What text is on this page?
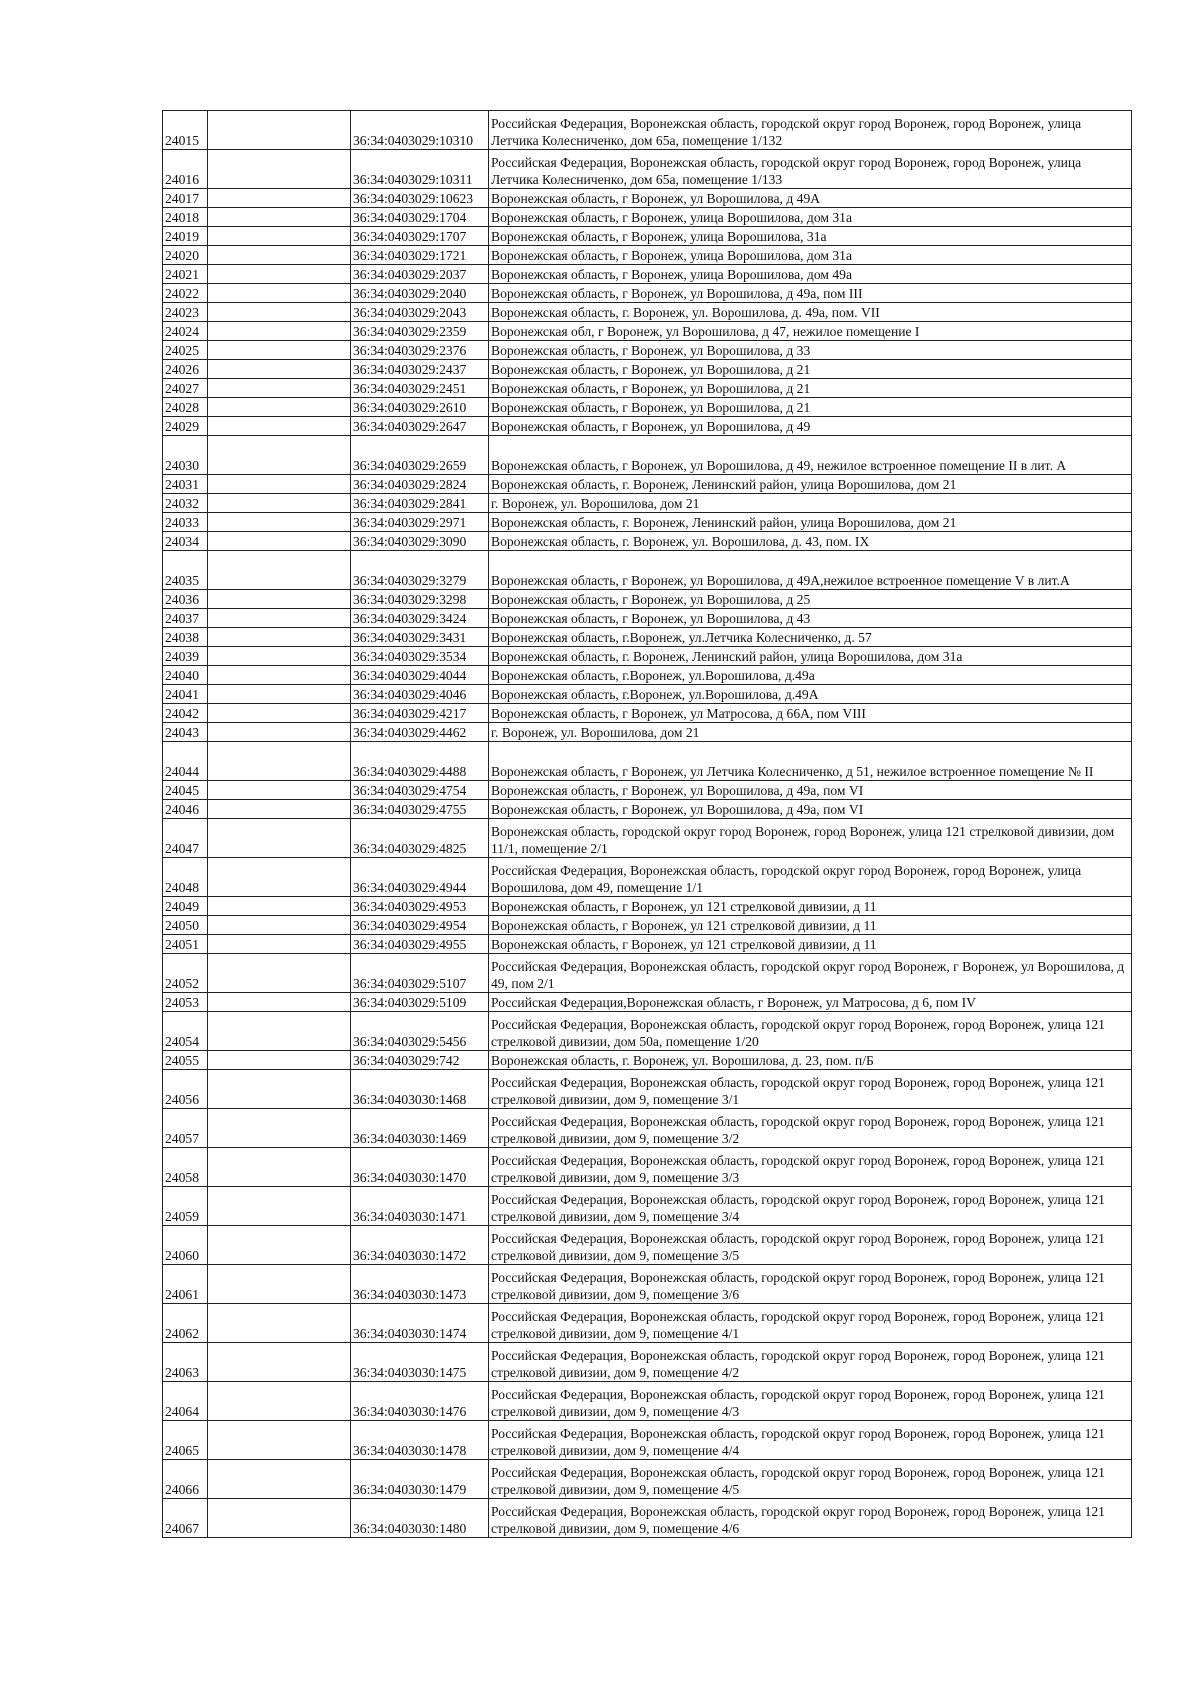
24015		36:34:0403029:10310	Российская Федерация, Воронежская область, городской округ город Воронеж, город Воронеж, улица Летчика Колесниченко, дом 65а, помещение 1/132
24016		36:34:0403029:10311	Российская Федерация, Воронежская область, городской округ город Воронеж, город Воронеж, улица Летчика Колесниченко, дом 65а, помещение 1/133
24017		36:34:0403029:10623	Воронежская область, г Воронеж, ул Ворошилова, д 49А
24018		36:34:0403029:1704	Воронежская область, г Воронеж, улица Ворошилова, дом 31а
24019		36:34:0403029:1707	Воронежская область, г Воронеж, улица Ворошилова, 31а
24020		36:34:0403029:1721	Воронежская область, г Воронеж, улица Ворошилова, дом 31а
24021		36:34:0403029:2037	Воронежская область, г Воронеж, улица Ворошилова, дом 49а
24022		36:34:0403029:2040	Воронежская область, г Воронеж, ул Ворошилова, д 49а, пом III
24023		36:34:0403029:2043	Воронежская область, г. Воронеж, ул. Ворошилова, д. 49а, пом. VII
24024		36:34:0403029:2359	Воронежская обл, г Воронеж, ул Ворошилова, д 47, нежилое помещение I
24025		36:34:0403029:2376	Воронежская область, г Воронеж, ул Ворошилова, д 33
24026		36:34:0403029:2437	Воронежская область, г Воронеж, ул Ворошилова, д 21
24027		36:34:0403029:2451	Воронежская область, г Воронеж, ул Ворошилова, д 21
24028		36:34:0403029:2610	Воронежская область, г Воронеж, ул Ворошилова, д 21
24029		36:34:0403029:2647	Воронежская область, г Воронеж, ул Ворошилова, д 49
24030		36:34:0403029:2659	Воронежская область, г Воронеж, ул Ворошилова, д 49, нежилое встроенное помещение II в лит. А
24031		36:34:0403029:2824	Воронежская область, г. Воронеж, Ленинский район, улица Ворошилова, дом 21
24032		36:34:0403029:2841	г. Воронеж, ул. Ворошилова, дом 21
24033		36:34:0403029:2971	Воронежская область, г. Воронеж, Ленинский район, улица Ворошилова, дом 21
24034		36:34:0403029:3090	Воронежская область, г. Воронеж, ул. Ворошилова, д. 43, пом. IX
24035		36:34:0403029:3279	Воронежская область, г Воронеж, ул Ворошилова, д 49А,нежилое встроенное помещение V в лит.А
24036		36:34:0403029:3298	Воронежская область, г Воронеж, ул Ворошилова, д 25
24037		36:34:0403029:3424	Воронежская область, г Воронеж, ул Ворошилова, д 43
24038		36:34:0403029:3431	Воронежская область, г.Воронеж, ул.Летчика Колесниченко, д. 57
24039		36:34:0403029:3534	Воронежская область, г. Воронеж, Ленинский район, улица Ворошилова, дом 31а
24040		36:34:0403029:4044	Воронежская область, г.Воронеж, ул.Ворошилова, д.49а
24041		36:34:0403029:4046	Воронежская область, г.Воронеж, ул.Ворошилова, д.49А
24042		36:34:0403029:4217	Воронежская область, г Воронеж, ул Матросова, д 66А, пом VIII
24043		36:34:0403029:4462	г. Воронеж, ул. Ворошилова, дом 21
24044		36:34:0403029:4488	Воронежская область, г Воронеж, ул Летчика Колесниченко, д 51, нежилое встроенное помещение № II
24045		36:34:0403029:4754	Воронежская область, г Воронеж, ул Ворошилова, д 49а, пом VI
24046		36:34:0403029:4755	Воронежская область, г Воронеж, ул Ворошилова, д 49а, пом VI
24047		36:34:0403029:4825	Воронежская область, городской округ город Воронеж, город Воронеж, улица 121 стрелковой дивизии, дом 11/1, помещение 2/1
24048		36:34:0403029:4944	Российская Федерация, Воронежская область, городской округ город Воронеж, город Воронеж, улица Ворошилова, дом 49, помещение 1/1
24049		36:34:0403029:4953	Воронежская область, г Воронеж, ул 121 стрелковой дивизии, д 11
24050		36:34:0403029:4954	Воронежская область, г Воронеж, ул 121 стрелковой дивизии, д 11
24051		36:34:0403029:4955	Воронежская область, г Воронеж, ул 121 стрелковой дивизии, д 11
24052		36:34:0403029:5107	Российская Федерация, Воронежская область, городской округ город Воронеж, г Воронеж, ул Ворошилова, д 49, пом 2/1
24053		36:34:0403029:5109	Российская Федерация,Воронежская область, г Воронеж, ул Матросова, д 6, пом IV
24054		36:34:0403029:5456	Российская Федерация, Воронежская область, городской округ город Воронеж, город Воронеж, улица 121 стрелковой дивизии, дом 50а, помещение 1/20
24055		36:34:0403029:742	Воронежская область, г. Воронеж, ул. Ворошилова, д. 23, пом. п/Б
24056		36:34:0403030:1468	Российская Федерация, Воронежская область, городской округ город Воронеж, город Воронеж, улица 121 стрелковой дивизии, дом 9, помещение 3/1
24057		36:34:0403030:1469	Российская Федерация, Воронежская область, городской округ город Воронеж, город Воронеж, улица 121 стрелковой дивизии, дом 9, помещение 3/2
24058		36:34:0403030:1470	Российская Федерация, Воронежская область, городской округ город Воронеж, город Воронеж, улица 121 стрелковой дивизии, дом 9, помещение 3/3
24059		36:34:0403030:1471	Российская Федерация, Воронежская область, городской округ город Воронеж, город Воронеж, улица 121 стрелковой дивизии, дом 9, помещение 3/4
24060		36:34:0403030:1472	Российская Федерация, Воронежская область, городской округ город Воронеж, город Воронеж, улица 121 стрелковой дивизии, дом 9, помещение 3/5
24061		36:34:0403030:1473	Российская Федерация, Воронежская область, городской округ город Воронеж, город Воронеж, улица 121 стрелковой дивизии, дом 9, помещение 3/6
24062		36:34:0403030:1474	Российская Федерация, Воронежская область, городской округ город Воронеж, город Воронеж, улица 121 стрелковой дивизии, дом 9, помещение 4/1
24063		36:34:0403030:1475	Российская Федерация, Воронежская область, городской округ город Воронеж, город Воронеж, улица 121 стрелковой дивизии, дом 9, помещение 4/2
24064		36:34:0403030:1476	Российская Федерация, Воронежская область, городской округ город Воронеж, город Воронеж, улица 121 стрелковой дивизии, дом 9, помещение 4/3
24065		36:34:0403030:1478	Российская Федерация, Воронежская область, городской округ город Воронеж, город Воронеж, улица 121 стрелковой дивизии, дом 9, помещение 4/4
24066		36:34:0403030:1479	Российская Федерация, Воронежская область, городской округ город Воронеж, город Воронеж, улица 121 стрелковой дивизии, дом 9, помещение 4/5
24067		36:34:0403030:1480	Российская Федерация, Воронежская область, городской округ город Воронеж, город Воронеж, улица 121 стрелковой дивизии, дом 9, помещение 4/6
